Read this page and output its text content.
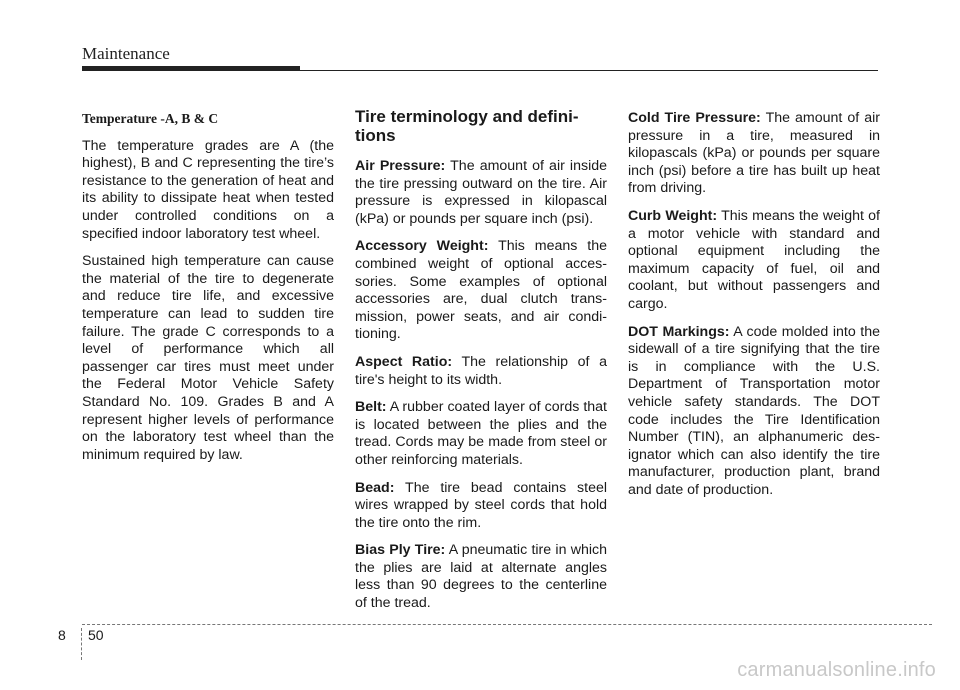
Maintenance

Temperature -A, B & C

The temperature grades are A (the highest), B and C representing the tire’s resistance to the generation of heat and its ability to dissipate heat when tested under controlled conditions on a specified indoor laboratory test wheel.

Sustained high temperature can cause the material of the tire to degenerate and reduce tire life, and excessive temperature can lead to sudden tire failure. The grade C corresponds to a level of performance which all passenger car tires must meet under the Federal Motor Vehicle Safety Standard No. 109. Grades B and A represent higher levels of performance on the laboratory test wheel than the minimum required by law.

Tire terminology and definitions

Air Pressure: The amount of air inside the tire pressing outward on the tire. Air pressure is expressed in kilopascal (kPa) or pounds per square inch (psi).

Accessory Weight: This means the combined weight of optional accessories. Some examples of optional accessories are, dual clutch transmission, power seats, and air conditioning.

Aspect Ratio: The relationship of a tire's height to its width.

Belt: A rubber coated layer of cords that is located between the plies and the tread. Cords may be made from steel or other reinforcing materials.

Bead: The tire bead contains steel wires wrapped by steel cords that hold the tire onto the rim.

Bias Ply Tire: A pneumatic tire in which the plies are laid at alternate angles less than 90 degrees to the centerline of the tread.

Cold Tire Pressure: The amount of air pressure in a tire, measured in kilopascals (kPa) or pounds per square inch (psi) before a tire has built up heat from driving.

Curb Weight: This means the weight of a motor vehicle with standard and optional equipment including the maximum capacity of fuel, oil and coolant, but without passengers and cargo.

DOT Markings: A code molded into the sidewall of a tire signifying that the tire is in compliance with the U.S. Department of Transportation motor vehicle safety standards. The DOT code includes the Tire Identification Number (TIN), an alphanumeric designator which can also identify the tire manufacturer, production plant, brand and date of production.

8 50
carmanualsonline.info
